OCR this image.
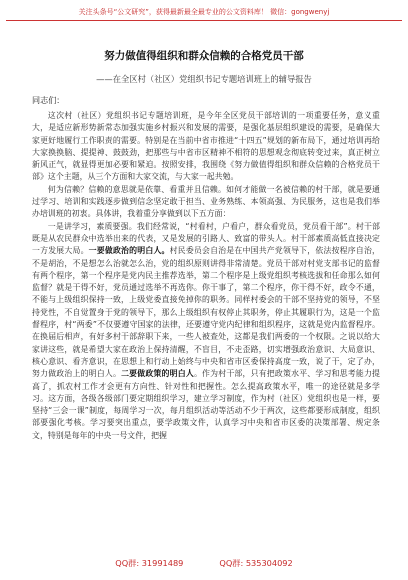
关注头条号“公文研究”，获得最新最全最专业的公文资料库！ 微信：gongwenyj
努力做值得组织和群众信赖的合格党员干部
——在全区村（社区）党组织书记专题培训班上的辅导报告
同志们：

这次村（社区）党组织书记专题培训班，是今年全区党员干部培训的一项重要任务，意义重大，是适应新形势新常态加强实施乡村振兴和发展的需要，是强化基层组织建设的需要，是确保大家更好地履行工作职责的需要。特别是在当前中省市推进“十四五”规划的新布局下，通过培训再给大家换换脑、提提神、鼓鼓劲，把那些与中省市区精神不相符的思想观念彻底转变过来，真正树立新风正气，就显得更加必要和紧迫。按照安排，我围绕《努力做值得组织和群众信赖的合格党员干部》这个主题，从三个方面和大家交流，与大家一起共勉。

何为信赖？信赖的意思就是依靠、看重并且信赖。如何才能做一名被信赖的村干部，就是要通过学习、培训和实践逐步做到信念坚定敢于担当、业务熟练、本领高强、为民服务，这也是我们举办培训班的初衷。具体讲，我着重分享做到以下五方面：

一是讲学习，素质要强。我们经常说，“村看村，户看户，群众看党员，党员看干部”。村干部既是从农民群众中选举出来的代表，又是发展的引路人、致富的带头人。村干部素质高低直接决定一方发展大局。一要做政治的明白人。村民委员会自治是在中国共产党领导下，依法按程序自治，不是胡治，不是想怎么治就怎么治，党的组织原则讲得非常清楚。党员干部对村党支部书记的监督有两个程序，第一个程序是党内民主推荐选举，第二个程序是上级党组织考核选拔和任命那么如何监督？就是干得不好，党员通过选举不再选你。你干事了，第二个程序，你干得不好，政令不通，不能与上级组织保持一致，上级党委直接免掉你的职务。同样村委会的干部不坚持党的领导，不坚持党性，不自觉置身于党的领导下，那么上级组织有权停止其职务，停止其履职行为，这是一个监督程序，村“两委”不仅要遵守国家的法律，还要遵守党内纪律和组织程序，这就是党内监督程序。在换届后相声，有好多村干部辞职下来，一些人被查处，这都是我们两委的一个权限。之说以给大家讲这些，就是希望大家在政治上保持清醒，不盲目，不走歪路，切实增强政治意识、大局意识、核心意识、看齐意识，在思想上和行动上始终与中央和省市区委保持高度一致，说了干，定了办，努力做政治上的明白人。二要做政策的明白人。作为村干部，只有把政策水平、学习和思考能力提高了，抓农村工作才会更有方向性、针对性和把握性。怎么提高政策水平，唯一的途径就是多学习。这方面，各级各级部门要定期组织学习，建立学习制度，作为村（社区）党组织也是一样，要坚持“三会一课”制度，每周学习一次，每月组织活动等活动不少于两次，这些都要形成制度，组织部要强化考核。学习要突出重点，要学政策文件，认真学习中央和省市区委的决策部署、规定条文，特别是每年的中央一号文件，把握

QQ群: 31991489	QQ群: 535304092
